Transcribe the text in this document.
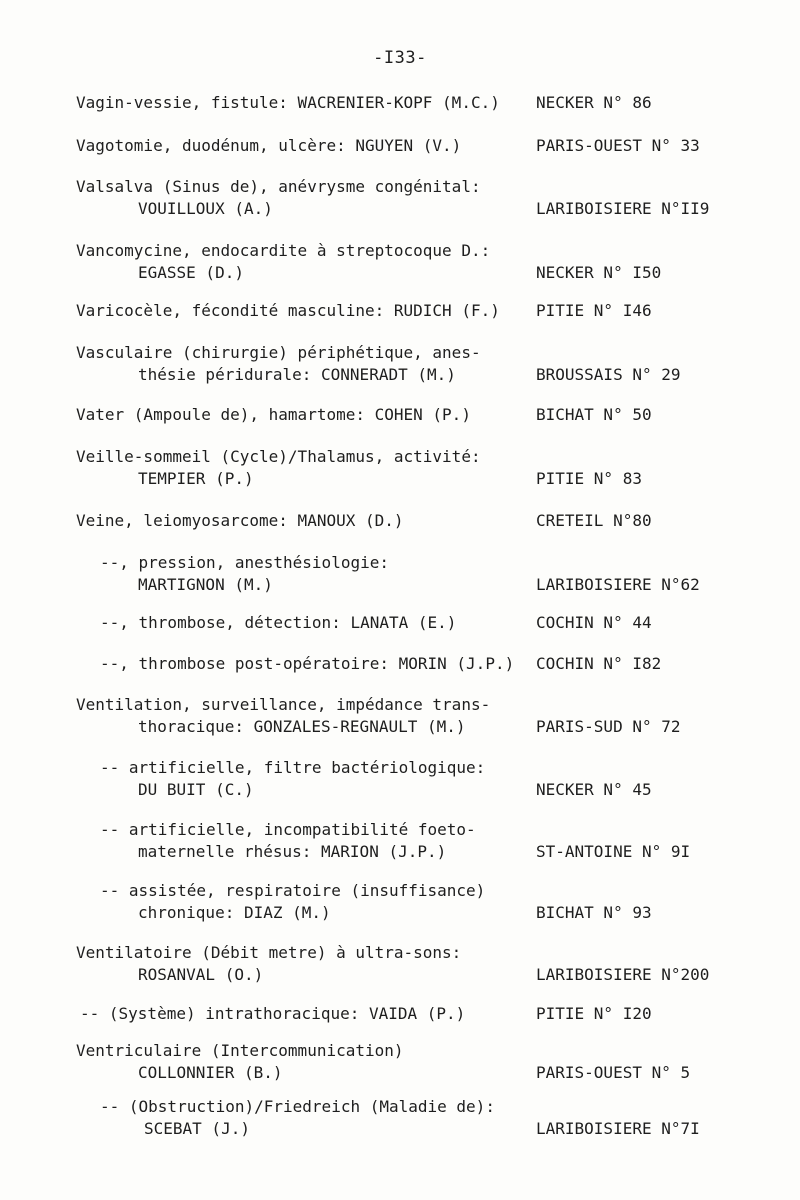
-I33-
Vagin-vessie, fistule: WACRENIER-KOPF (M.C.) NECKER N° 86
Vagotomie, duodénum, ulcère: NGUYEN (V.)	PARIS-OUEST N° 33
Valsalva (Sinus de), anévrysme congénital:
VOUILLOUX (A.)	LARIBOISIERE N°II9
Vancomycine, endocardite à streptocoque D.:
EGASSE (D.)	NECKER N° I50
Varicocèle, fécondité masculine: RUDICH (F.) PITIE N° I46
Vasculaire (chirurgie) périphétique, anes-
thésie péridurale: CONNERADT (M.)	BROUSSAIS N° 29
Vater (Ampoule de), hamartome: COHEN (P.)	BICHAT N° 50
Veille-sommeil (Cycle)/Thalamus, activité:
TEMPIER (P.)	PITIE N° 83
Veine, leiomyosarcome: MANOUX (D.)	CRETEIL N°80
--, pression, anesthésiologie:
MARTIGNON (M.)	LARIBOISIERE N°62
--, thrombose, détection: LANATA (E.)	COCHIN N° 44
--, thrombose post-opératoire: MORIN (J.P.) COCHIN N° I82
Ventilation, surveillance, impédance trans-
thoracique: GONZALES-REGNAULT (M.)	PARIS-SUD N° 72
-- artificielle, filtre bactériologique:
DU BUIT (C.)	NECKER N° 45
-- artificielle, incompatibilité foeto-
maternelle rhésus: MARION (J.P.)	ST-ANTOINE N° 9I
-- assistée, respiratoire (insuffisance)
chronique: DIAZ (M.)	BICHAT N° 93
Ventilatoire (Débit metre) à ultra-sons:
ROSANVAL (O.)	LARIBOISIERE N°200
-- (Système) intrathoracique: VAIDA (P.)	PITIE N° I20
Ventriculaire (Intercommunication)
COLLONNIER (B.)	PARIS-OUEST N° 5
-- (Obstruction)/Friedreich (Maladie de):
SCEBAT (J.)	LARIBOISIERE N°7I
